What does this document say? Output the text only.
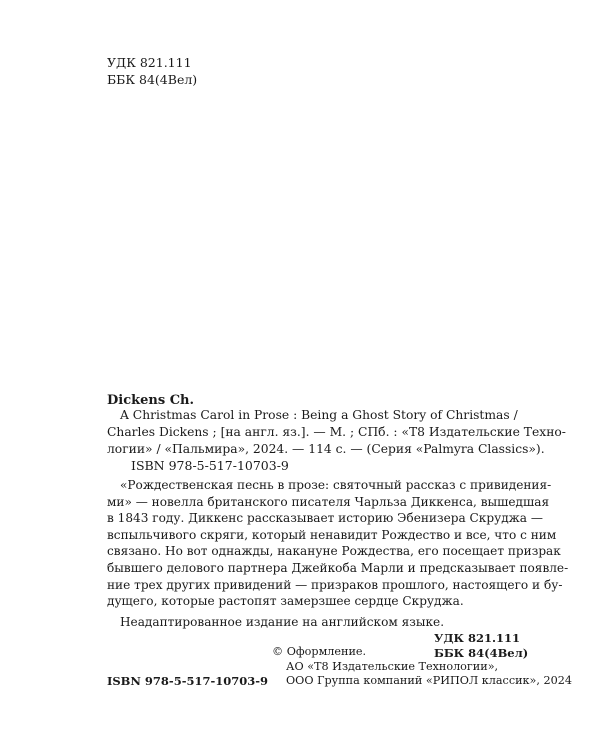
УДК 821.111
ББК 84(4Вел)
Dickens Ch.
A Christmas Carol in Prose : Being a Ghost Story of Christmas /
Charles Dickens ; [на англ. яз.]. — М. ; СПб. : «Т8 Издательские Техно-
логии» / «Пальмира», 2024. — 114 с. — (Серия «Palmyra Classics»).
ISBN 978-5-517-10703-9
«Рождественская песнь в прозе: святочный рассказ с привидения-
ми» — новелла британского писателя Чарльза Диккенса, вышедшая
в 1843 году. Диккенс рассказывает историю Эбенизера Скруджа —
вспыльчивого скряги, который ненавидит Рождество и все, что с ним
связано. Но вот однажды, накануне Рождества, его посещает призрак
бывшего делового партнера Джейкоба Марли и предсказывает появле-
ние трех других привидений — призраков прошлого, настоящего и бу-
дущего, которые растопят замерзшее сердце Скруджа.
Неадаптированное издание на английском языке.
УДК 821.111
ББК 84(4Вел)
© Оформление.
АО «Т8 Издательские Технологии»,
ООО Группа компаний «РИПОЛ классик», 2024
ISBN 978-5-517-10703-9
